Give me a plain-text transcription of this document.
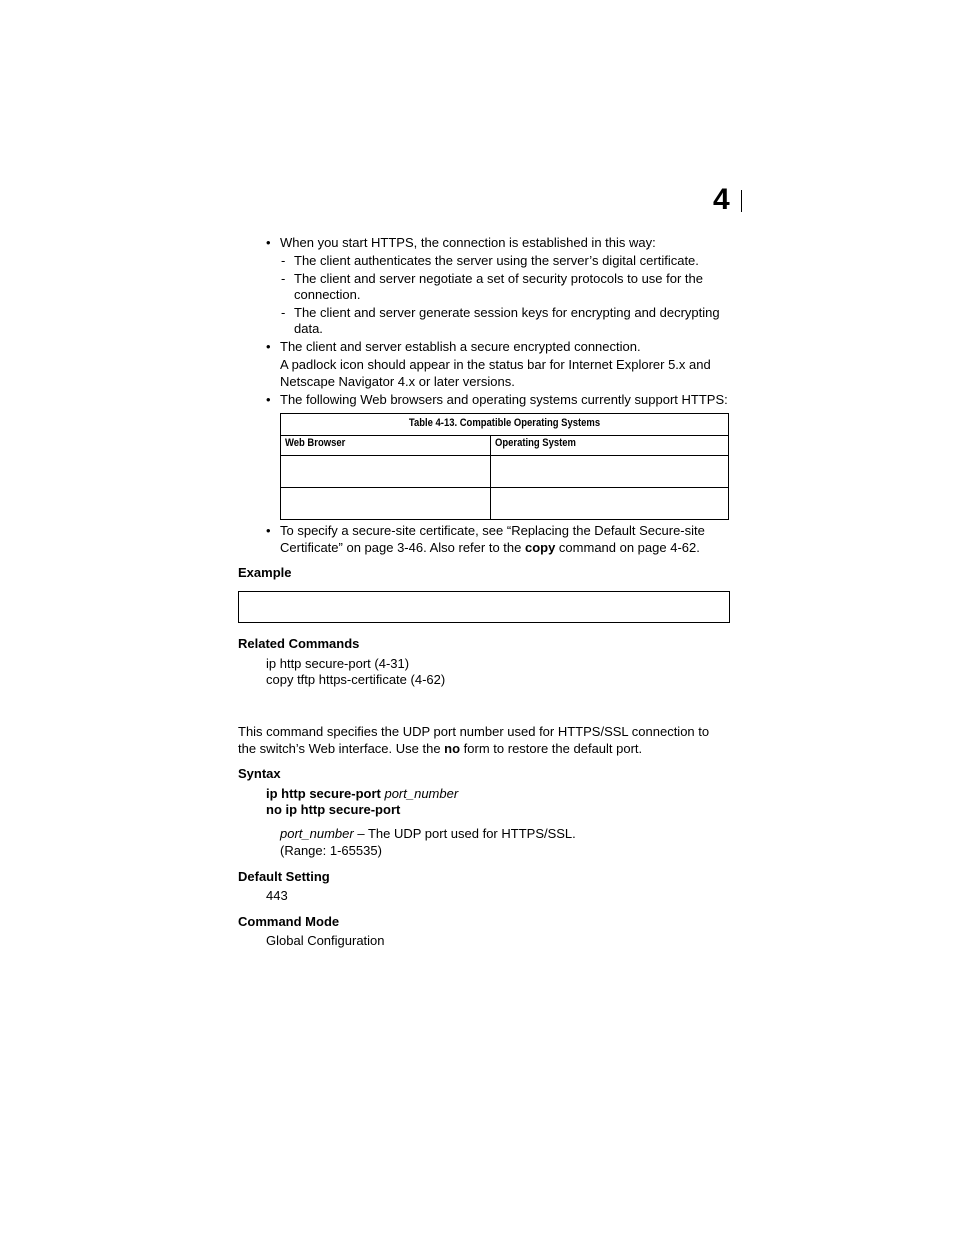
4
• When you start HTTPS, the connection is established in this way:
- The client authenticates the server using the server’s digital certificate.
- The client and server negotiate a set of security protocols to use for the
connection.
- The client and server generate session keys for encrypting and decrypting
data.
• The client and server establish a secure encrypted connection.
A padlock icon should appear in the status bar for Internet Explorer 5.x and
Netscape Navigator 4.x or later versions.
• The following Web browsers and operating systems currently support HTTPS:
Table 4-13. Compatible Operating Systems
Web Browser	Operating System
• To specify a secure-site certificate, see “Replacing the Default Secure-site
Certificate” on page 3-46. Also refer to the copy command on page 4-62.
Example
Related Commands
ip http secure-port (4-31)
copy tftp https-certificate (4-62)
This command specifies the UDP port number used for HTTPS/SSL connection to
the switch’s Web interface. Use the no form to restore the default port.
Syntax
ip http secure-port port_number
no ip http secure-port
port_number – The UDP port used for HTTPS/SSL.
(Range: 1-65535)
Default Setting
443
Command Mode
Global Configuration
